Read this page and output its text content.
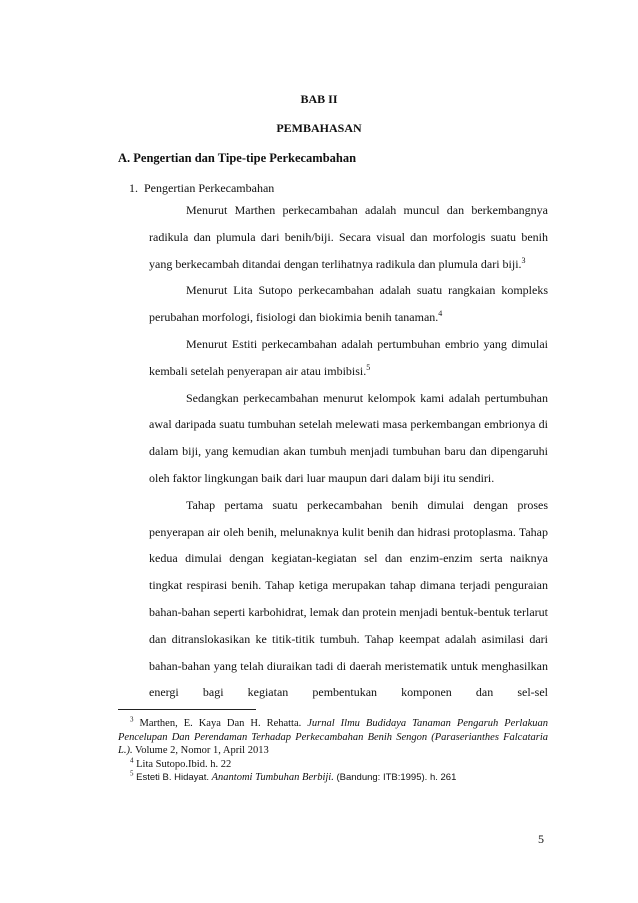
BAB II
PEMBAHASAN
A. Pengertian dan Tipe-tipe Perkecambahan
1. Pengertian Perkecambahan

Menurut Marthen perkecambahan adalah muncul dan berkembangnya radikula dan plumula dari benih/biji. Secara visual dan morfologis suatu benih yang berkecambah ditandai dengan terlihatnya radikula dan plumula dari biji.$^3$

Menurut Lita Sutopo perkecambahan adalah suatu rangkaian kompleks perubahan morfologi, fisiologi dan biokimia benih tanaman.$^4$

Menurut Estiti perkecambahan adalah pertumbuhan embrio yang dimulai kembali setelah penyerapan air atau imbibisi.$^5$

Sedangkan perkecambahan menurut kelompok kami adalah pertumbuhan awal daripada suatu tumbuhan setelah melewati masa perkembangan embrionya di dalam biji, yang kemudian akan tumbuh menjadi tumbuhan baru dan dipengaruhi oleh faktor lingkungan baik dari luar maupun dari dalam biji itu sendiri.

Tahap pertama suatu perkecambahan benih dimulai dengan proses penyerapan air oleh benih, melunaknya kulit benih dan hidrasi protoplasma. Tahap kedua dimulai dengan kegiatan-kegiatan sel dan enzim-enzim serta naiknya tingkat respirasi benih. Tahap ketiga merupakan tahap dimana terjadi penguraian bahan-bahan seperti karbohidrat, lemak dan protein menjadi bentuk-bentuk terlarut dan ditranslokasikan ke titik-titik tumbuh. Tahap keempat adalah asimilasi dari bahan-bahan yang telah diuraikan tadi di daerah meristematik untuk menghasilkan energi bagi kegiatan pembentukan komponen dan sel-sel

$^3$ Marthen, E. Kaya Dan H. Rehatta. Jurnal Ilmu Budidaya Tanaman Pengaruh Perlakuan Pencelupan Dan Perendaman Terhadap Perkecambahan Benih Sengon (Paraserianthes Falcataria L.). Volume 2, Nomor 1, April 2013

$^4$ Lita Sutopo.Ibid. h. 22

$^5$ Esteti B. Hidayat. Anantomi Tumbuhan Berbiji. (Bandung: ITB:1995). h. 261

5
